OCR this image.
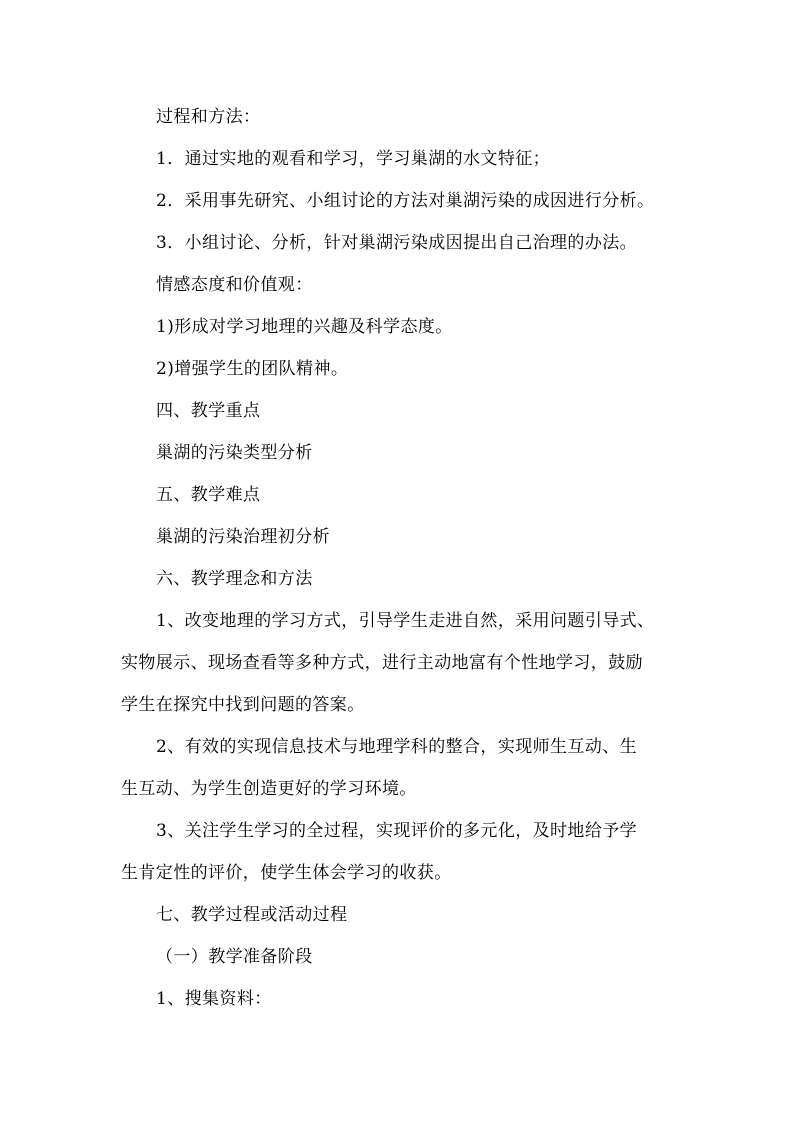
过程和方法：
1．通过实地的观看和学习，学习巢湖的水文特征；
2．采用事先研究、小组讨论的方法对巢湖污染的成因进行分析。
3．小组讨论、分析，针对巢湖污染成因提出自己治理的办法。
情感态度和价值观：
1)形成对学习地理的兴趣及科学态度。
2)增强学生的团队精神。
四、教学重点
巢湖的污染类型分析
五、教学难点
巢湖的污染治理初分析
六、教学理念和方法
1、改变地理的学习方式，引导学生走进自然，采用问题引导式、
实物展示、现场查看等多种方式，进行主动地富有个性地学习，鼓励
学生在探究中找到问题的答案。
2、有效的实现信息技术与地理学科的整合，实现师生互动、生
生互动、为学生创造更好的学习环境。
3、关注学生学习的全过程，实现评价的多元化，及时地给予学
生肯定性的评价，使学生体会学习的收获。
七、教学过程或活动过程
（一）教学准备阶段
1、搜集资料：
